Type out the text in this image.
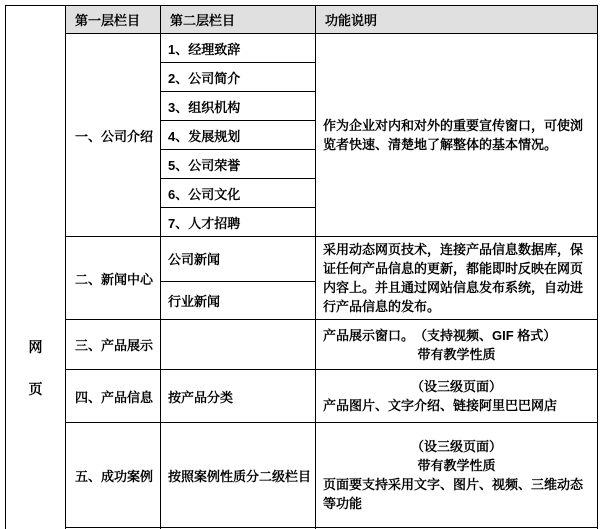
网
页	第一层栏目	第二层栏目	功能说明
	一、公司介绍	1、经理致辞	作为企业对内和对外的重要宣传窗口，可使浏览者快速、清楚地了解整体的基本情况。
		2、公司简介	
		3、组织机构	
		4、发展规划	
		5、公司荣誉	
		6、公司文化	
		7、人才招聘	
	二、新闻中心	公司新闻	采用动态网页技术，连接产品信息数据库，保证任何产品信息的更新，都能即时反映在网页内容上。并且通过网站信息发布系统，自动进行产品信息的发布。
		行业新闻	
	三、产品展示		产品展示窗口。　（支持视频、GIF 格式）
带有教学性质

	四、产品信息	按产品分类	（设三级页面）
产品图片、文字介绍、链接阿里巴巴网店

	五、成功案例	按照案例性质分二级栏目	（设三级页面）
带有教学性质
页面要支持采用文字、图片、视频、三维动态等功能
